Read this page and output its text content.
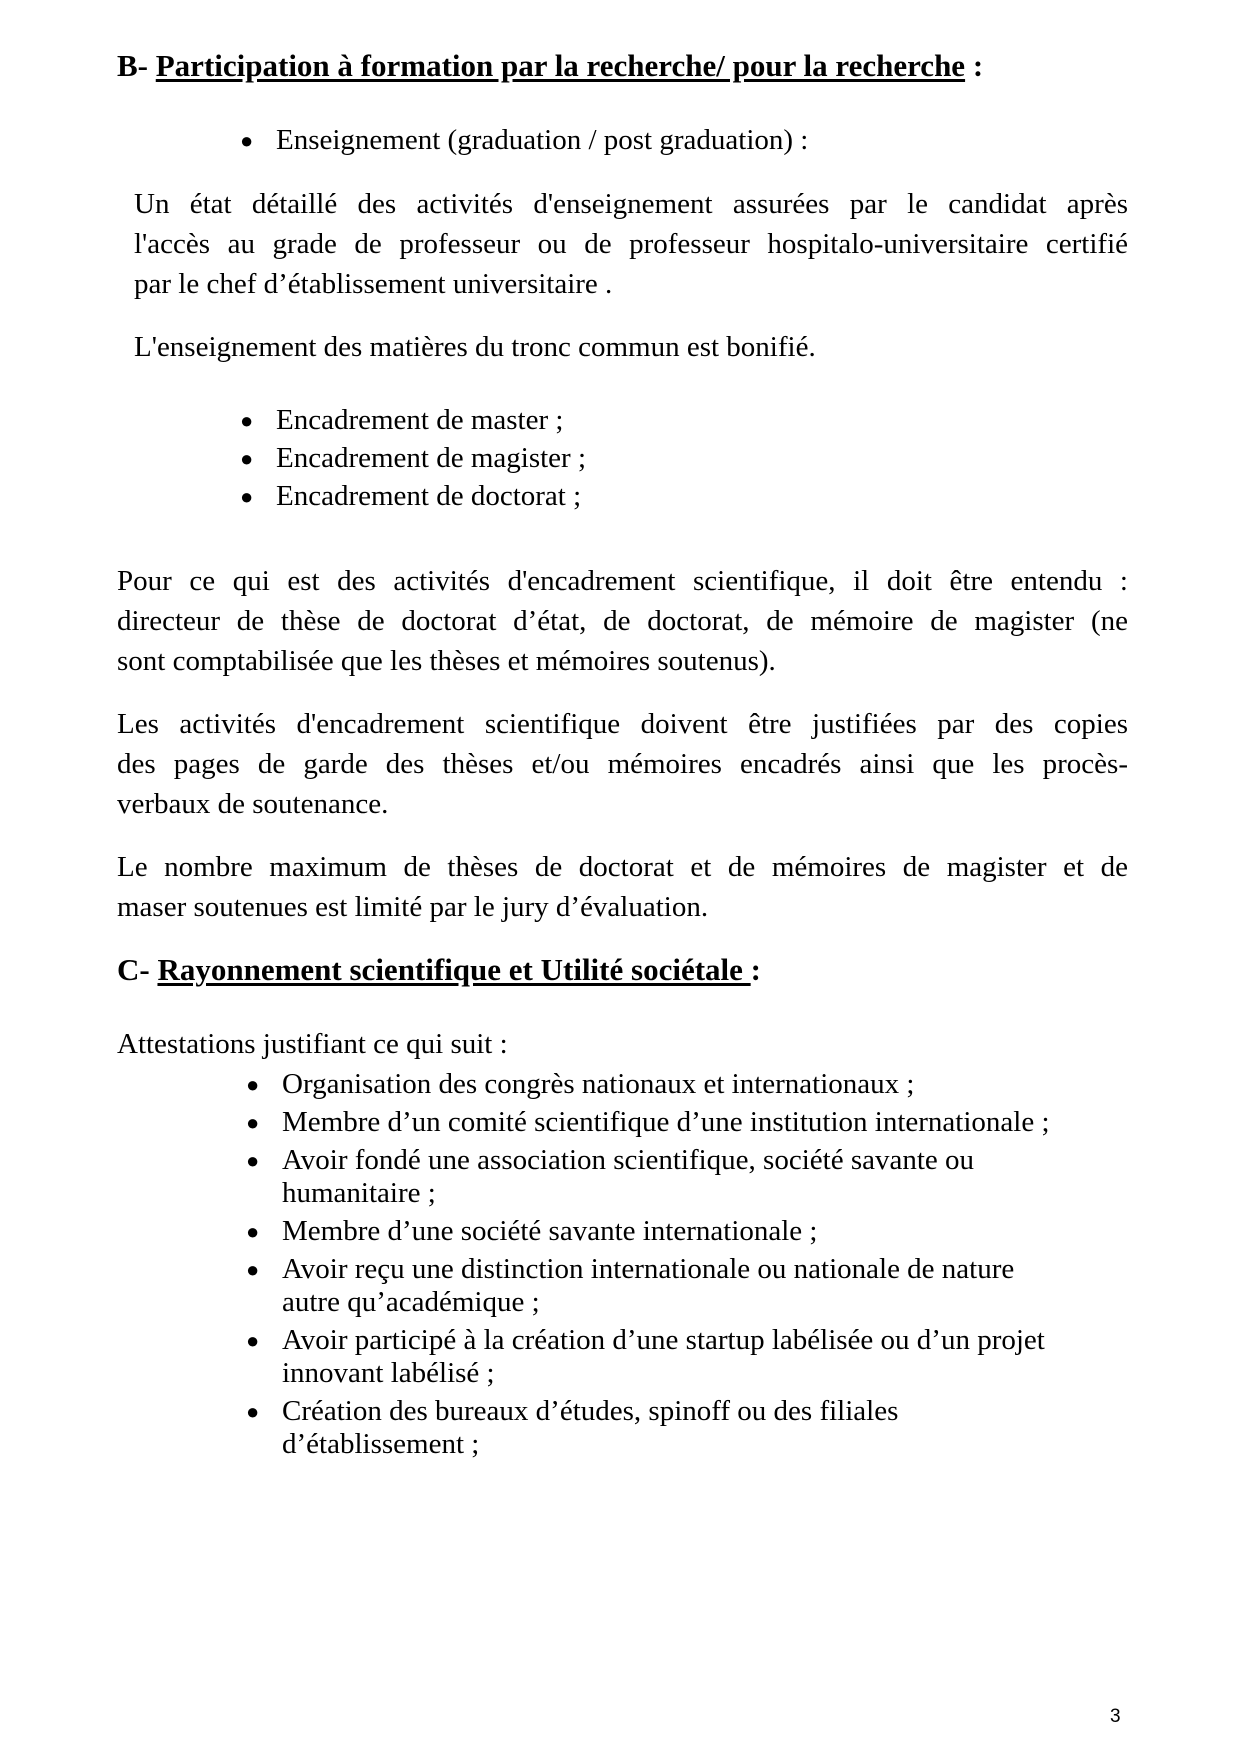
B- Participation à formation par la recherche/ pour la recherche :
● Enseignement (graduation / post graduation) :

Un état détaillé des activités d'enseignement assurées par le candidat après

l'accès au grade de professeur ou de professeur hospitalo-universitaire certifié

par le chef d’établissement universitaire .

L'enseignement des matières du tronc commun est bonifié.

● Encadrement de master ;
● Encadrement de magister ;
● Encadrement de doctorat ;

Pour ce qui est des activités d'encadrement scientifique, il doit être entendu :

directeur de thèse de doctorat d’état, de doctorat, de mémoire de magister (ne

sont comptabilisée que les thèses et mémoires soutenus).

Les activités d'encadrement scientifique doivent être justifiées par des copies

des pages de garde des thèses et/ou mémoires encadrés ainsi que les procès-

verbaux de soutenance.

Le nombre maximum de thèses de doctorat et de mémoires de magister et de

maser soutenues est limité par le jury d’évaluation.

C- Rayonnement scientifique et Utilité sociétale :

Attestations justifiant ce qui suit :

● Organisation des congrès nationaux et internationaux ;
● Membre d’un comité scientifique d’une institution internationale ;
● Avoir fondé une association scientifique, société savante ou
humanitaire ;
● Membre d’une société savante internationale ;
● Avoir reçu une distinction internationale ou nationale de nature
autre qu’académique ;
● Avoir participé à la création d’une startup labélisée ou d’un projet
innovant labélisé ;
● Création des bureaux d’études, spinoff ou des filiales
d’établissement ;
3
